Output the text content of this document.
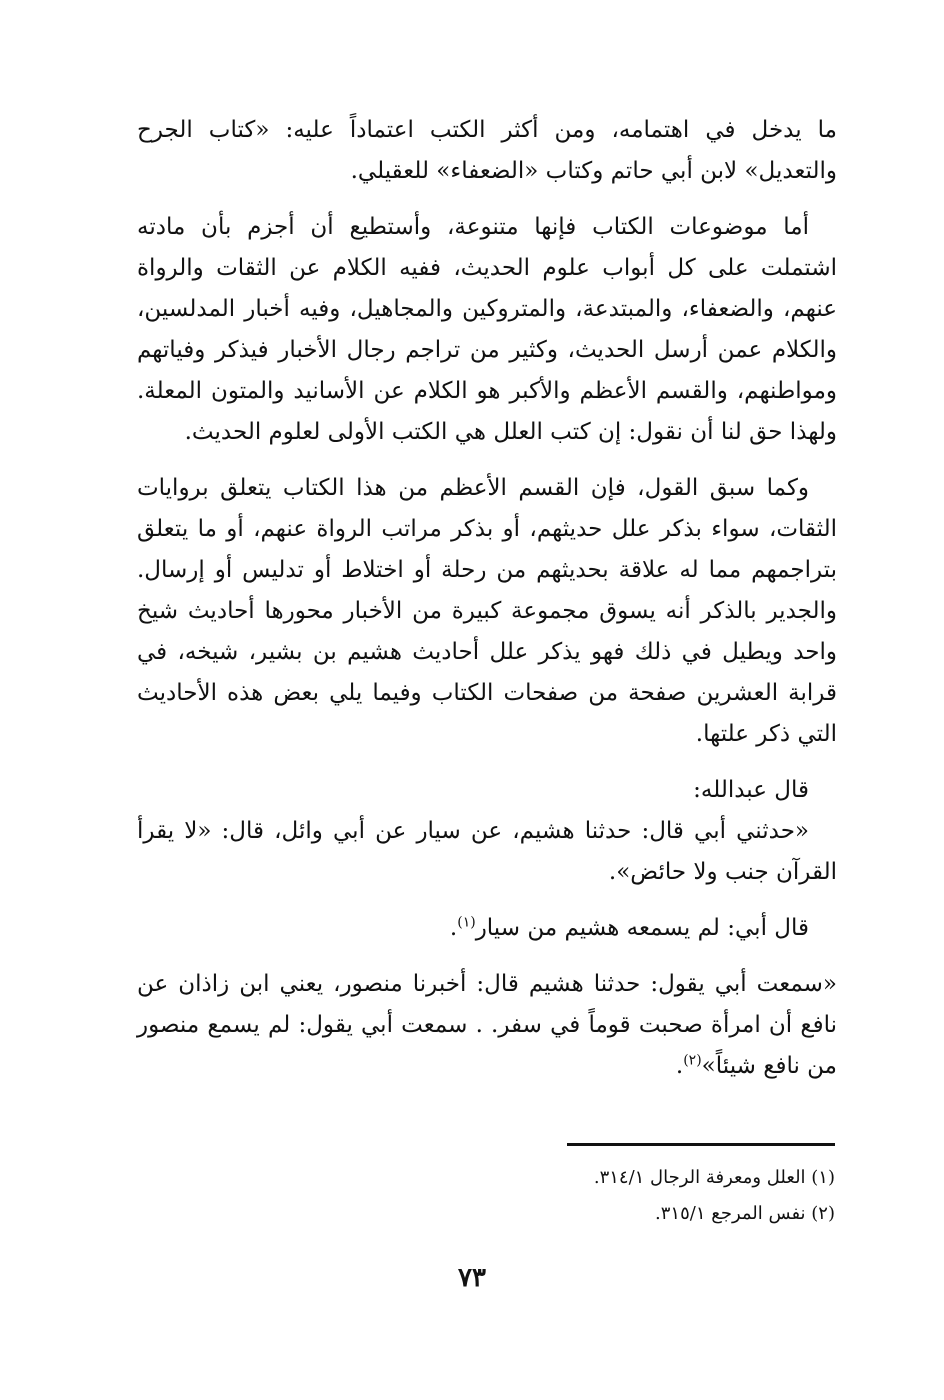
ما يدخل في اهتمامه، ومن أكثر الكتب اعتماداً عليه: «كتاب الجرح والتعديل» لابن أبي حاتم وكتاب «الضعفاء» للعقيلي.

أما موضوعات الكتاب فإنها متنوعة، وأستطيع أن أجزم بأن مادته اشتملت على كل أبواب علوم الحديث، ففيه الكلام عن الثقات والرواة عنهم، والضعفاء، والمبتدعة، والمتروكين والمجاهيل، وفيه أخبار المدلسين، والكلام عمن أرسل الحديث، وكثير من تراجم رجال الأخبار فيذكر وفياتهم ومواطنهم، والقسم الأعظم والأكبر هو الكلام عن الأسانيد والمتون المعلة. ولهذا حق لنا أن نقول: إن كتب العلل هي الكتب الأولى لعلوم الحديث.

وكما سبق القول، فإن القسم الأعظم من هذا الكتاب يتعلق بروايات الثقات، سواء بذكر علل حديثهم، أو بذكر مراتب الرواة عنهم، أو ما يتعلق بتراجمهم مما له علاقة بحديثهم من رحلة أو اختلاط أو تدليس أو إرسال. والجدير بالذكر أنه يسوق مجموعة كبيرة من الأخبار محورها أحاديث شيخ واحد ويطيل في ذلك فهو يذكر علل أحاديث هشيم بن بشير، شيخه، في قرابة العشرين صفحة من صفحات الكتاب وفيما يلي بعض هذه الأحاديث التي ذكر علتها.

قال عبدالله:

«حدثني أبي قال: حدثنا هشيم، عن سيار عن أبي وائل، قال: «لا يقرأ القرآن جنب ولا حائض».

قال أبي: لم يسمعه هشيم من سيار$^{(١)}$.

«سمعت أبي يقول: حدثنا هشيم قال: أخبرنا منصور، يعني ابن زاذان عن نافع أن امرأة صحبت قوماً في سفر. . سمعت أبي يقول: لم يسمع منصور من نافع شيئاً»$^{(٢)}$.

(١) العلل ومعرفة الرجال ٣١٤/١.
(٢) نفس المرجع ٣١٥/١.
٧٣
